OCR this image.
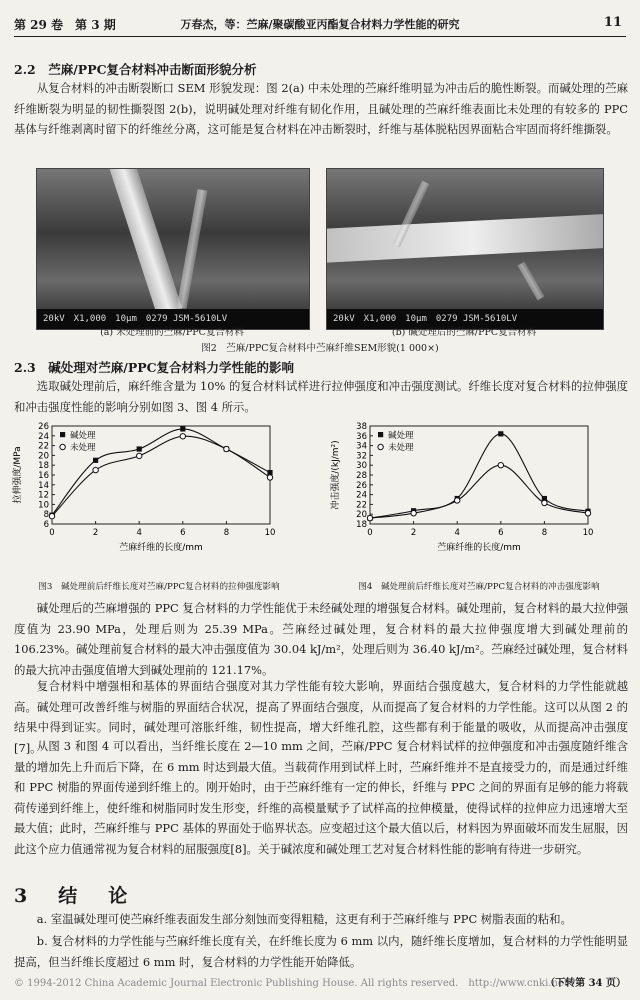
第 29 卷　第 3 期	万春杰，等：苎麻/聚碳酸亚丙酯复合材料力学性能的研究	11
2.2　苎麻/PPC复合材料冲击断面形貌分析
从复合材料的冲击断裂断口 SEM 形貌发现：图 2(a) 中未处理的苎麻纤维明显为冲击后的脆性断裂。而碱处理的苎麻纤维断裂为明显的韧性撕裂图 2(b)，说明碱处理对纤维有韧化作用，且碱处理的苎麻纤维表面比未处理的有较多的 PPC 基体与纤维剥离时留下的纤维丝分离，这可能是复合材料在冲击断裂时，纤维与基体脱粘因界面粘合牢固而将纤维撕裂。
20kV　X1,000　10μm　0279 JSM-5610LV	20kV　X1,000　10μm　0279 JSM-5610LV
(a) 未处理前的苎麻/PPC复合材料	(b) 碱处理后的苎麻/PPC复合材料
图2　苎麻/PPC复合材料中苎麻纤维SEM形貌(1 000×)
2.3　碱处理对苎麻/PPC复合材料力学性能的影响
选取碱处理前后，麻纤维含量为 10% 的复合材料试样进行拉伸强度和冲击强度测试。纤维长度对复合材料的拉伸强度和冲击强度性能的影响分别如图 3、图 4 所示。
0	2	4	6	8	10
6
8
10
12
14
16
18
20
22
24
26
苎麻纤维的长度/mm
拉伸强度/MPa
碱处理
未处理
0	2	4	6	8	10
18
20
22
24
26
28
30
32
34
36
38
苎麻纤维的长度/mm
冲击强度/(kJ/m²)
碱处理
未处理
图3　碱处理前后纤维长度对苎麻/PPC复合材料的拉伸强度影响	图4　碱处理前后纤维长度对苎麻/PPC复合材料的冲击强度影响
碱处理后的苎麻增强的 PPC 复合材料的力学性能优于未经碱处理的增强复合材料。碱处理前，复合材料的最大拉伸强度值为 23.90 MPa，处理后则为 25.39 MPa。苎麻经过碱处理，复合材料的最大拉伸强度增大到碱处理前的 106.23%。碱处理前复合材料的最大冲击强度值为 30.04 kJ/m²，处理后则为 36.40 kJ/m²。苎麻经过碱处理，复合材料的最大抗冲击强度值增大到碱处理前的 121.17%。
复合材料中增强相和基体的界面结合强度对其力学性能有较大影响，界面结合强度越大，复合材料的力学性能就越高。碱处理可改善纤维与树脂的界面结合状况，提高了界面结合强度，从而提高了复合材料的力学性能。这可以从图 2 的结果中得到证实。同时，碱处理可溶胀纤维，韧性提高，增大纤维孔腔，这些都有利于能量的吸收，从而提高冲击强度[7]。
从图 3 和图 4 可以看出，当纤维长度在 2—10 mm 之间，苎麻/PPC 复合材料试样的拉伸强度和冲击强度随纤维含量的增加先上升而后下降，在 6 mm 时达到最大值。当载荷作用到试样上时，苎麻纤维并不是直接受力的，而是通过纤维和 PPC 树脂的界面传递到纤维上的。刚开始时，由于苎麻纤维有一定的伸长，纤维与 PPC 之间的界面有足够的能力将载荷传递到纤维上，使纤维和树脂同时发生形变，纤维的高模量赋予了试样高的拉伸模量，使得试样的拉伸应力迅速增大至最大值；此时，苎麻纤维与 PPC 基体的界面处于临界状态。应变超过这个最大值以后，材料因为界面破坏而发生屈服，因此这个应力值通常视为复合材料的屈服强度[8]。关于碱浓度和碱处理工艺对复合材料性能的影响有待进一步研究。
3　结　论
a. 室温碱处理可使苎麻纤维表面发生部分刻蚀而变得粗糙，这更有利于苎麻纤维与 PPC 树脂表面的粘和。
b. 复合材料的力学性能与苎麻纤维长度有关，在纤维长度为 6 mm 以内，随纤维长度增加，复合材料的力学性能明显提高，但当纤维长度超过 6 mm 时，复合材料的力学性能开始降低。
© 1994-2012 China Academic Journal Electronic Publishing House. All rights reserved.　http://www.cnki.net
（下转第 34 页）
